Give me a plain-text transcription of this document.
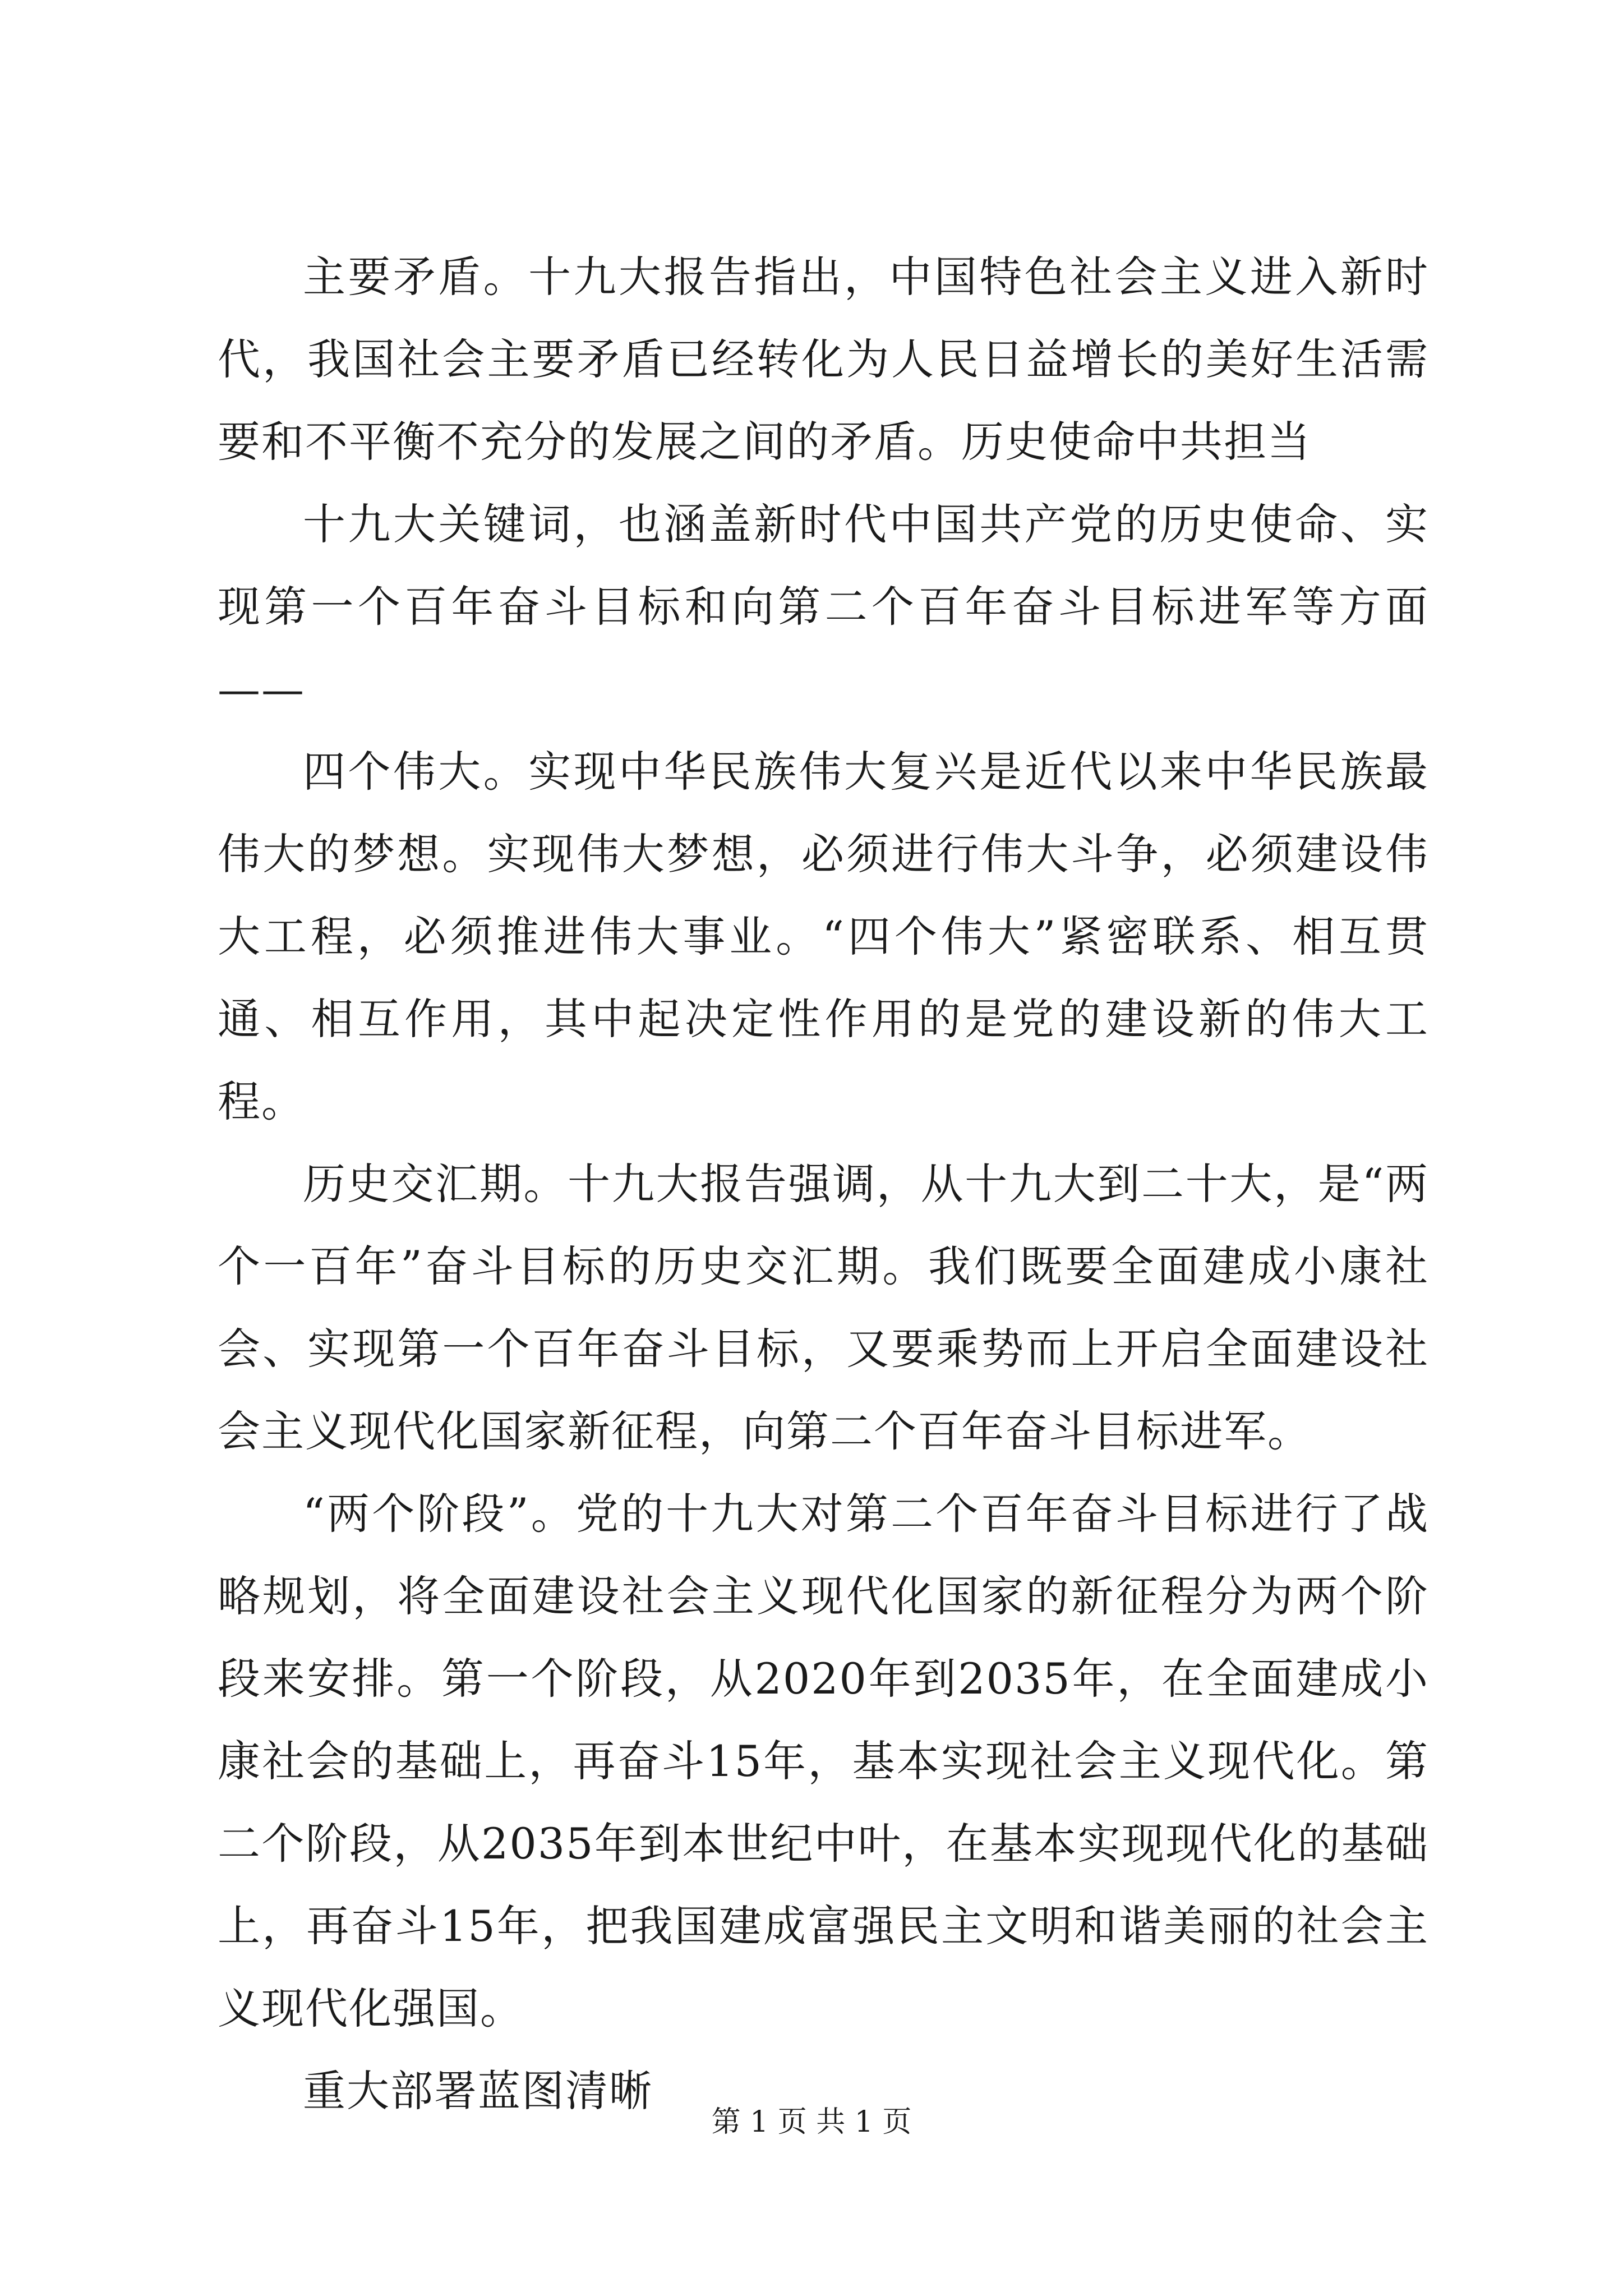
主要矛盾。十九大报告指出，中国特色社会主义进入新时代，我国社会主要矛盾已经转化为人民日益增长的美好生活需要和不平衡不充分的发展之间的矛盾。历史使命中共担当

十九大关键词，也涵盖新时代中国共产党的历史使命、实现第一个百年奋斗目标和向第二个百年奋斗目标进军等方面——

四个伟大。实现中华民族伟大复兴是近代以来中华民族最伟大的梦想。实现伟大梦想，必须进行伟大斗争，必须建设伟大工程，必须推进伟大事业。“四个伟大”紧密联系、相互贯通、相互作用，其中起决定性作用的是党的建设新的伟大工程。

历史交汇期。十九大报告强调，从十九大到二十大，是“两个一百年”奋斗目标的历史交汇期。我们既要全面建成小康社会、实现第一个百年奋斗目标，又要乘势而上开启全面建设社会主义现代化国家新征程，向第二个百年奋斗目标进军。

“两个阶段”。党的十九大对第二个百年奋斗目标进行了战略规划，将全面建设社会主义现代化国家的新征程分为两个阶段来安排。第一个阶段，从2020年到2035年，在全面建成小康社会的基础上，再奋斗15年，基本实现社会主义现代化。第二个阶段，从2035年到本世纪中叶，在基本实现现代化的基础上，再奋斗15年，把我国建成富强民主文明和谐美丽的社会主义现代化强国。

重大部署蓝图清晰

第 1 页 共 1 页
